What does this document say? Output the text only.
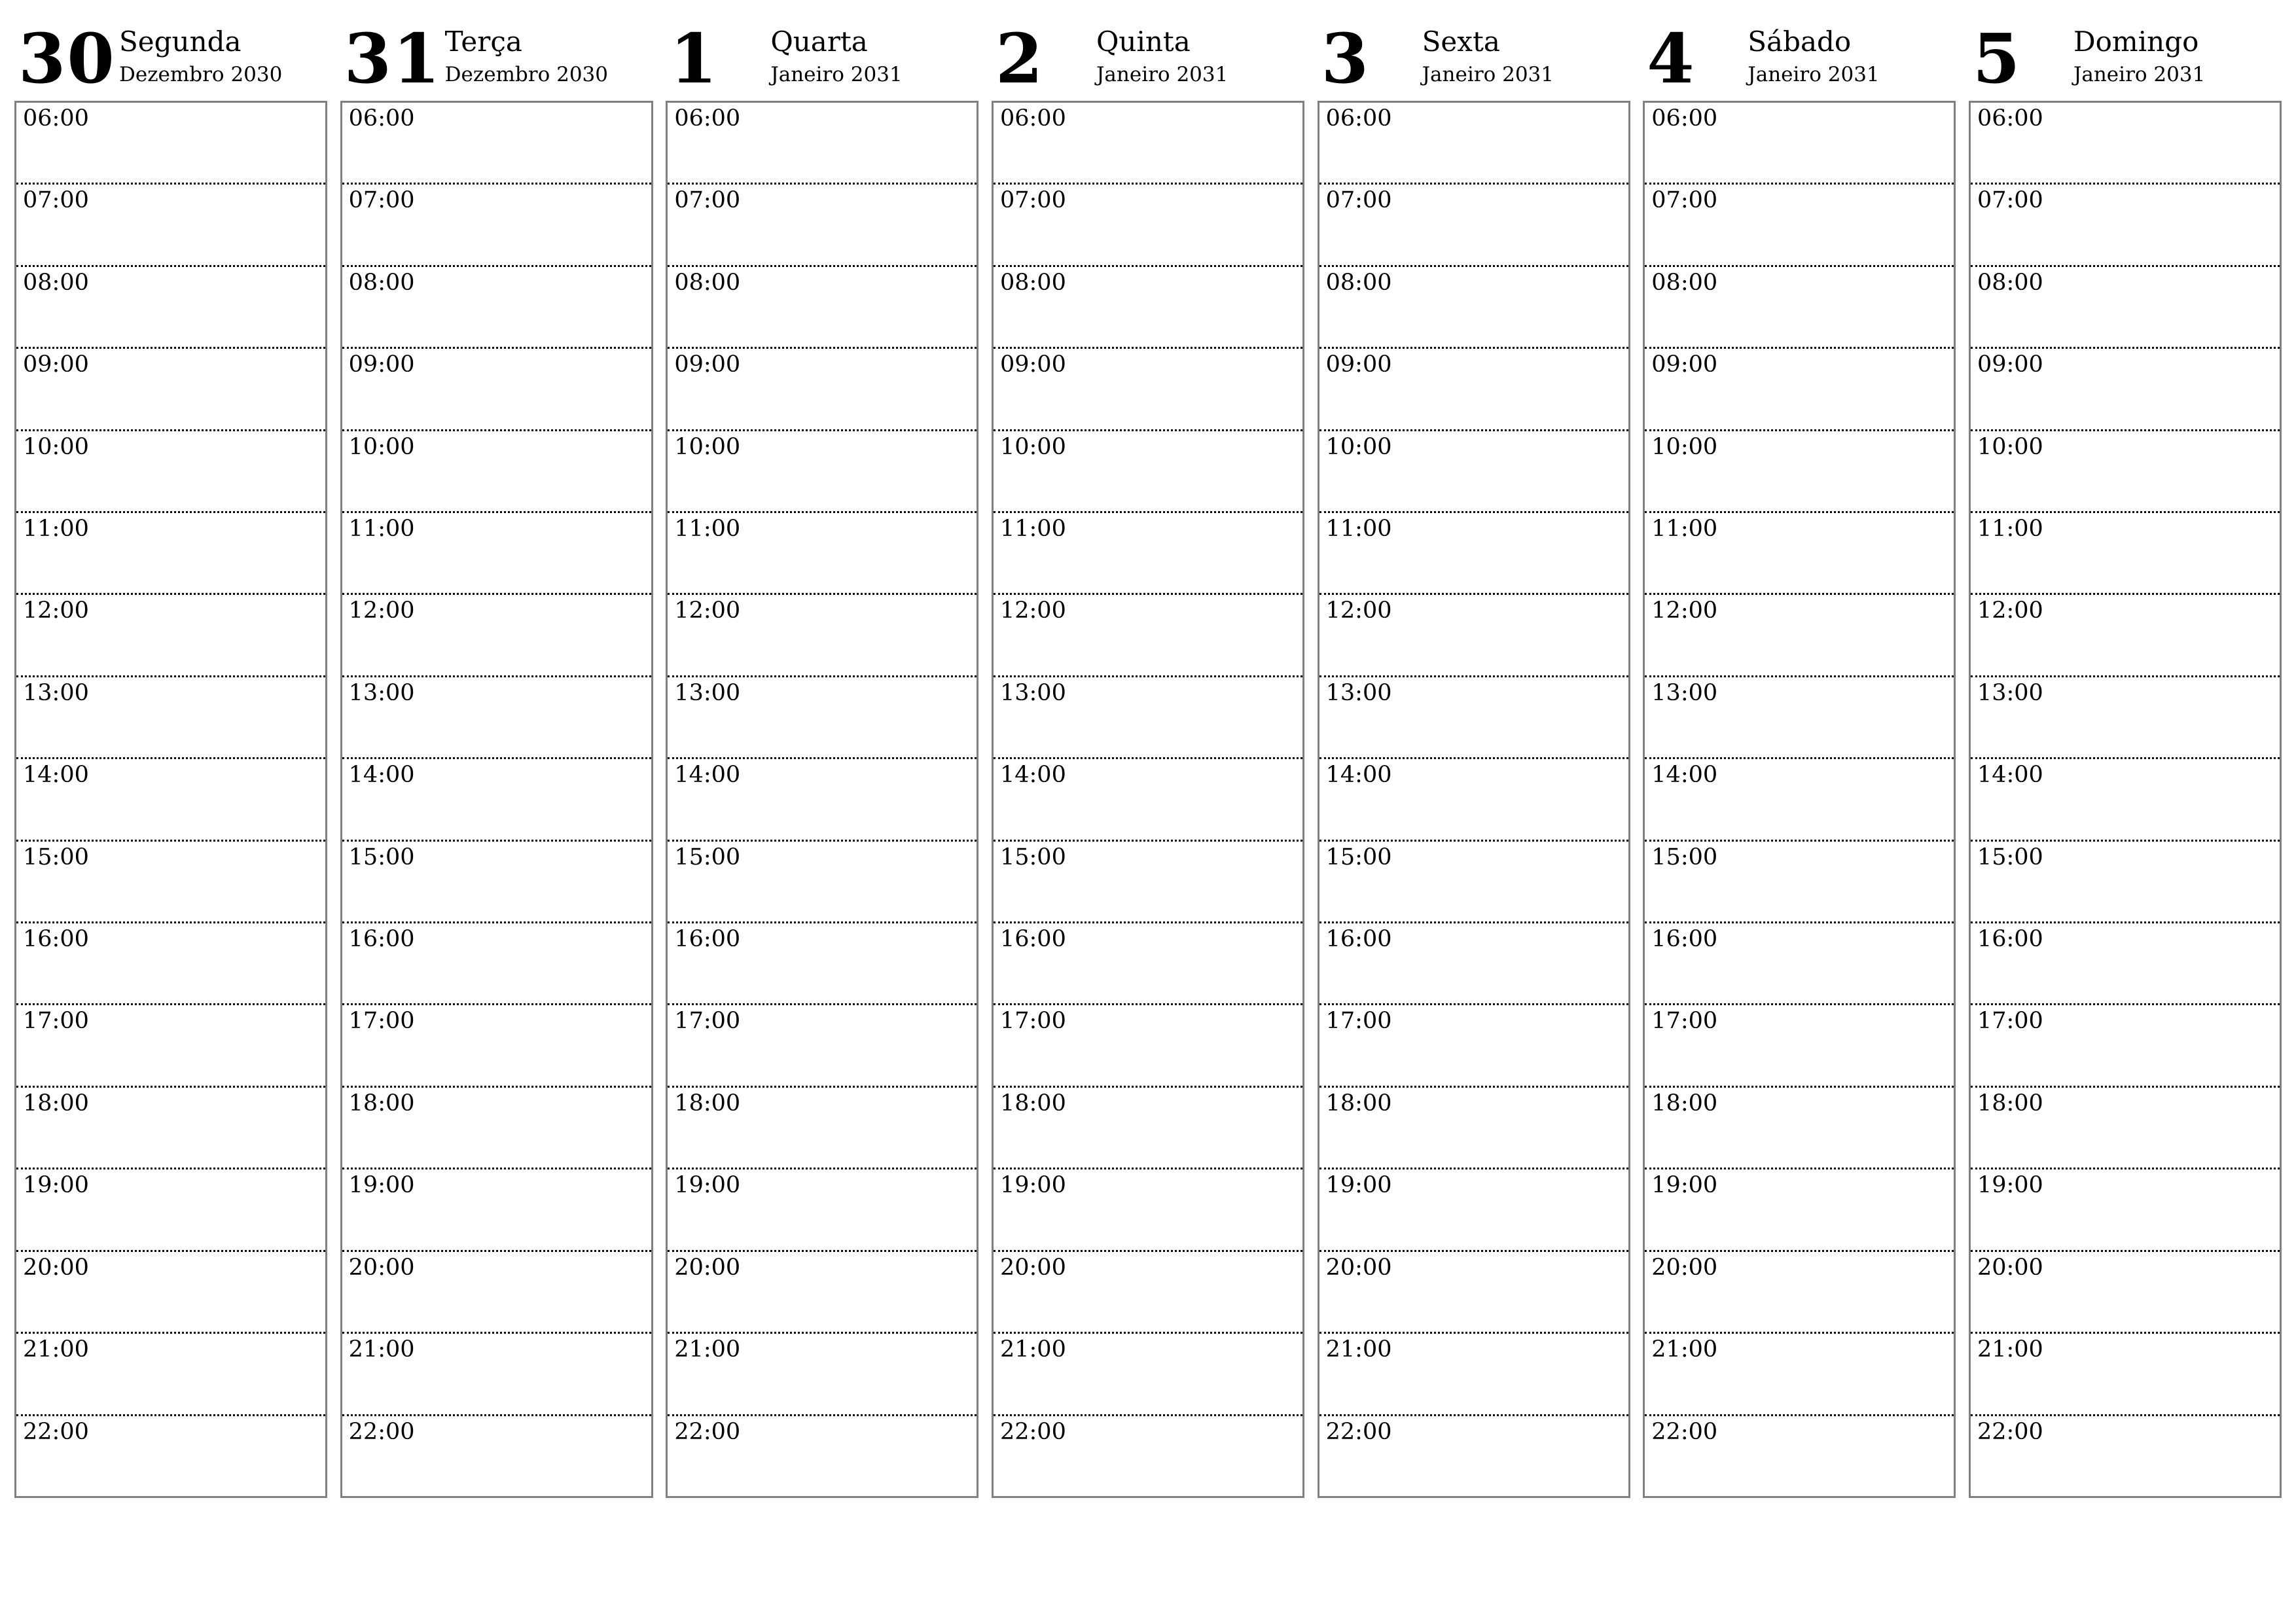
30 Segunda
Dezembro 2030
06:00
07:00
08:00
09:00
10:00
11:00
12:00
13:00
14:00
15:00
16:00
17:00
18:00
19:00
20:00
21:00
22:00
31 Terça
Dezembro 2030
06:00
07:00
08:00
09:00
10:00
11:00
12:00
13:00
14:00
15:00
16:00
17:00
18:00
19:00
20:00
21:00
22:00
1 Quarta
Janeiro 2031
06:00
07:00
08:00
09:00
10:00
11:00
12:00
13:00
14:00
15:00
16:00
17:00
18:00
19:00
20:00
21:00
22:00
2 Quinta
Janeiro 2031
06:00
07:00
08:00
09:00
10:00
11:00
12:00
13:00
14:00
15:00
16:00
17:00
18:00
19:00
20:00
21:00
22:00
3 Sexta
Janeiro 2031
06:00
07:00
08:00
09:00
10:00
11:00
12:00
13:00
14:00
15:00
16:00
17:00
18:00
19:00
20:00
21:00
22:00
4 Sábado
Janeiro 2031
06:00
07:00
08:00
09:00
10:00
11:00
12:00
13:00
14:00
15:00
16:00
17:00
18:00
19:00
20:00
21:00
22:00
5 Domingo
Janeiro 2031
06:00
07:00
08:00
09:00
10:00
11:00
12:00
13:00
14:00
15:00
16:00
17:00
18:00
19:00
20:00
21:00
22:00
